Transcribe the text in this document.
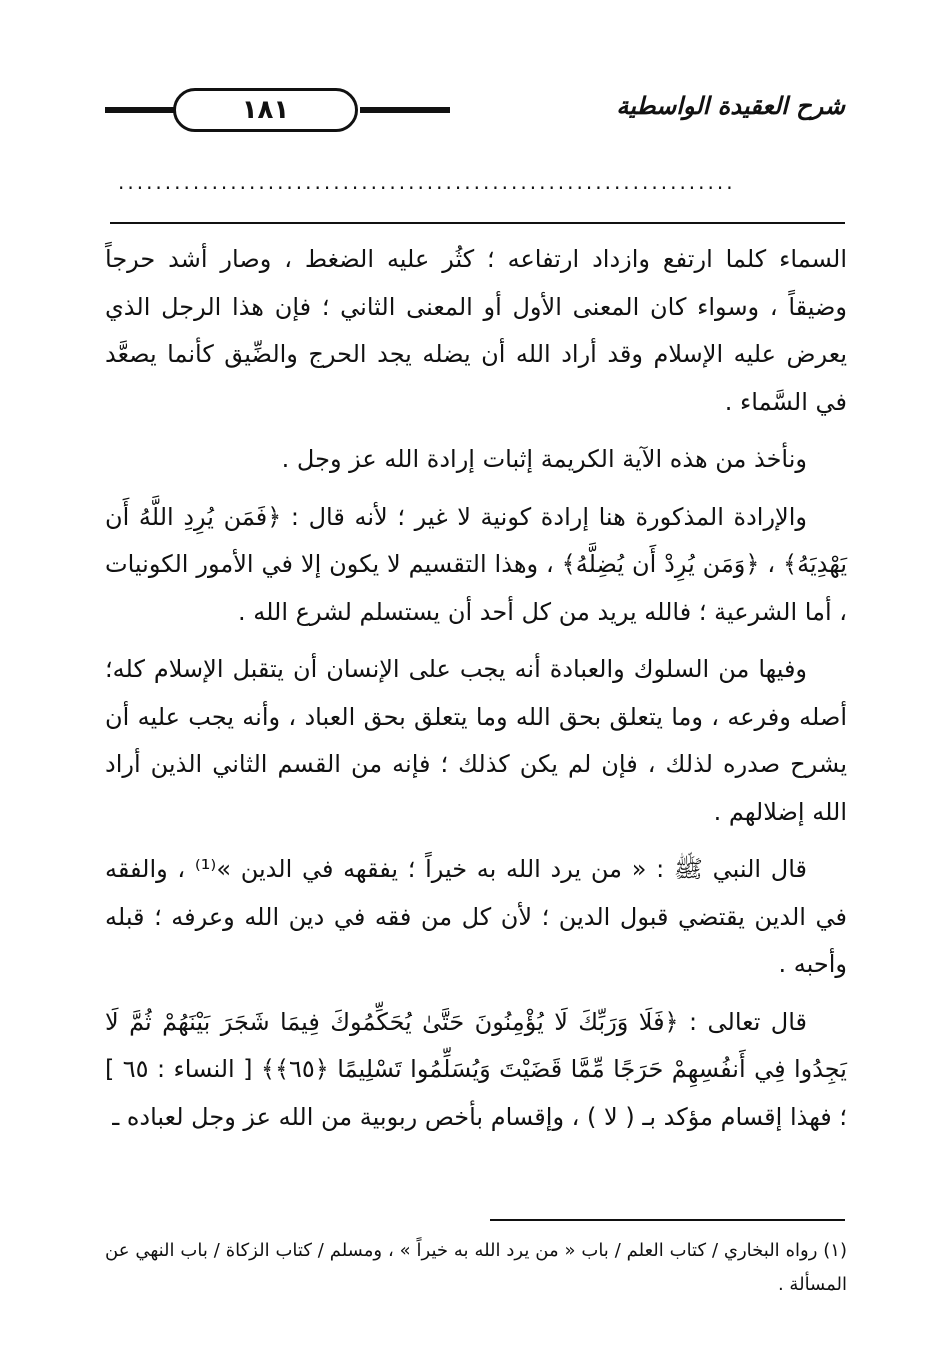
١٨١	شرح العقيدة الواسطية
..................................................................

السماء كلما ارتفع وازداد ارتفاعه ؛ كثُر عليه الضغط ، وصار أشد حرجاً وضيقاً ، وسواء كان المعنى الأول أو المعنى الثاني ؛ فإن هذا الرجل الذي يعرض عليه الإسلام وقد أراد الله أن يضله يجد الحرج والضِّيق كأنما يصعَّد في السَّماء .

ونأخذ من هذه الآية الكريمة إثبات إرادة الله عز وجل .

والإرادة المذكورة هنا إرادة كونية لا غير ؛ لأنه قال : ﴿فَمَن يُرِدِ اللَّهُ أَن يَهْدِيَهُ﴾ ، ﴿وَمَن يُرِدْ أَن يُضِلَّهُ﴾ ، وهذا التقسيم لا يكون إلا في الأمور الكونيات ، أما الشرعية ؛ فالله يريد من كل أحد أن يستسلم لشرع الله .

وفيها من السلوك والعبادة أنه يجب على الإنسان أن يتقبل الإسلام كله؛ أصله وفرعه ، وما يتعلق بحق الله وما يتعلق بحق العباد ، وأنه يجب عليه أن يشرح صدره لذلك ، فإن لم يكن كذلك ؛ فإنه من القسم الثاني الذين أراد الله إضلالهم .

قال النبي ﷺ : « من يرد الله به خيراً ؛ يفقهه في الدين »⁽¹⁾ ، والفقه في الدين يقتضي قبول الدين ؛ لأن كل من فقه في دين الله وعرفه ؛ قبله وأحبه .

قال تعالى : ﴿فَلَا وَرَبِّكَ لَا يُؤْمِنُونَ حَتَّىٰ يُحَكِّمُوكَ فِيمَا شَجَرَ بَيْنَهُمْ ثُمَّ لَا يَجِدُوا فِي أَنفُسِهِمْ حَرَجًا مِّمَّا قَضَيْتَ وَيُسَلِّمُوا تَسْلِيمًا ﴿٦٥﴾﴾ [ النساء : ٦٥ ] ؛ فهذا إقسام مؤكد بـ ( لا ) ، وإقسام بأخص ربوبية من الله عز وجل لعباده ـ

(١) رواه البخاري / كتاب العلم / باب « من يرد الله به خيراً » ، ومسلم / كتاب الزكاة / باب النهي عن المسألة .
